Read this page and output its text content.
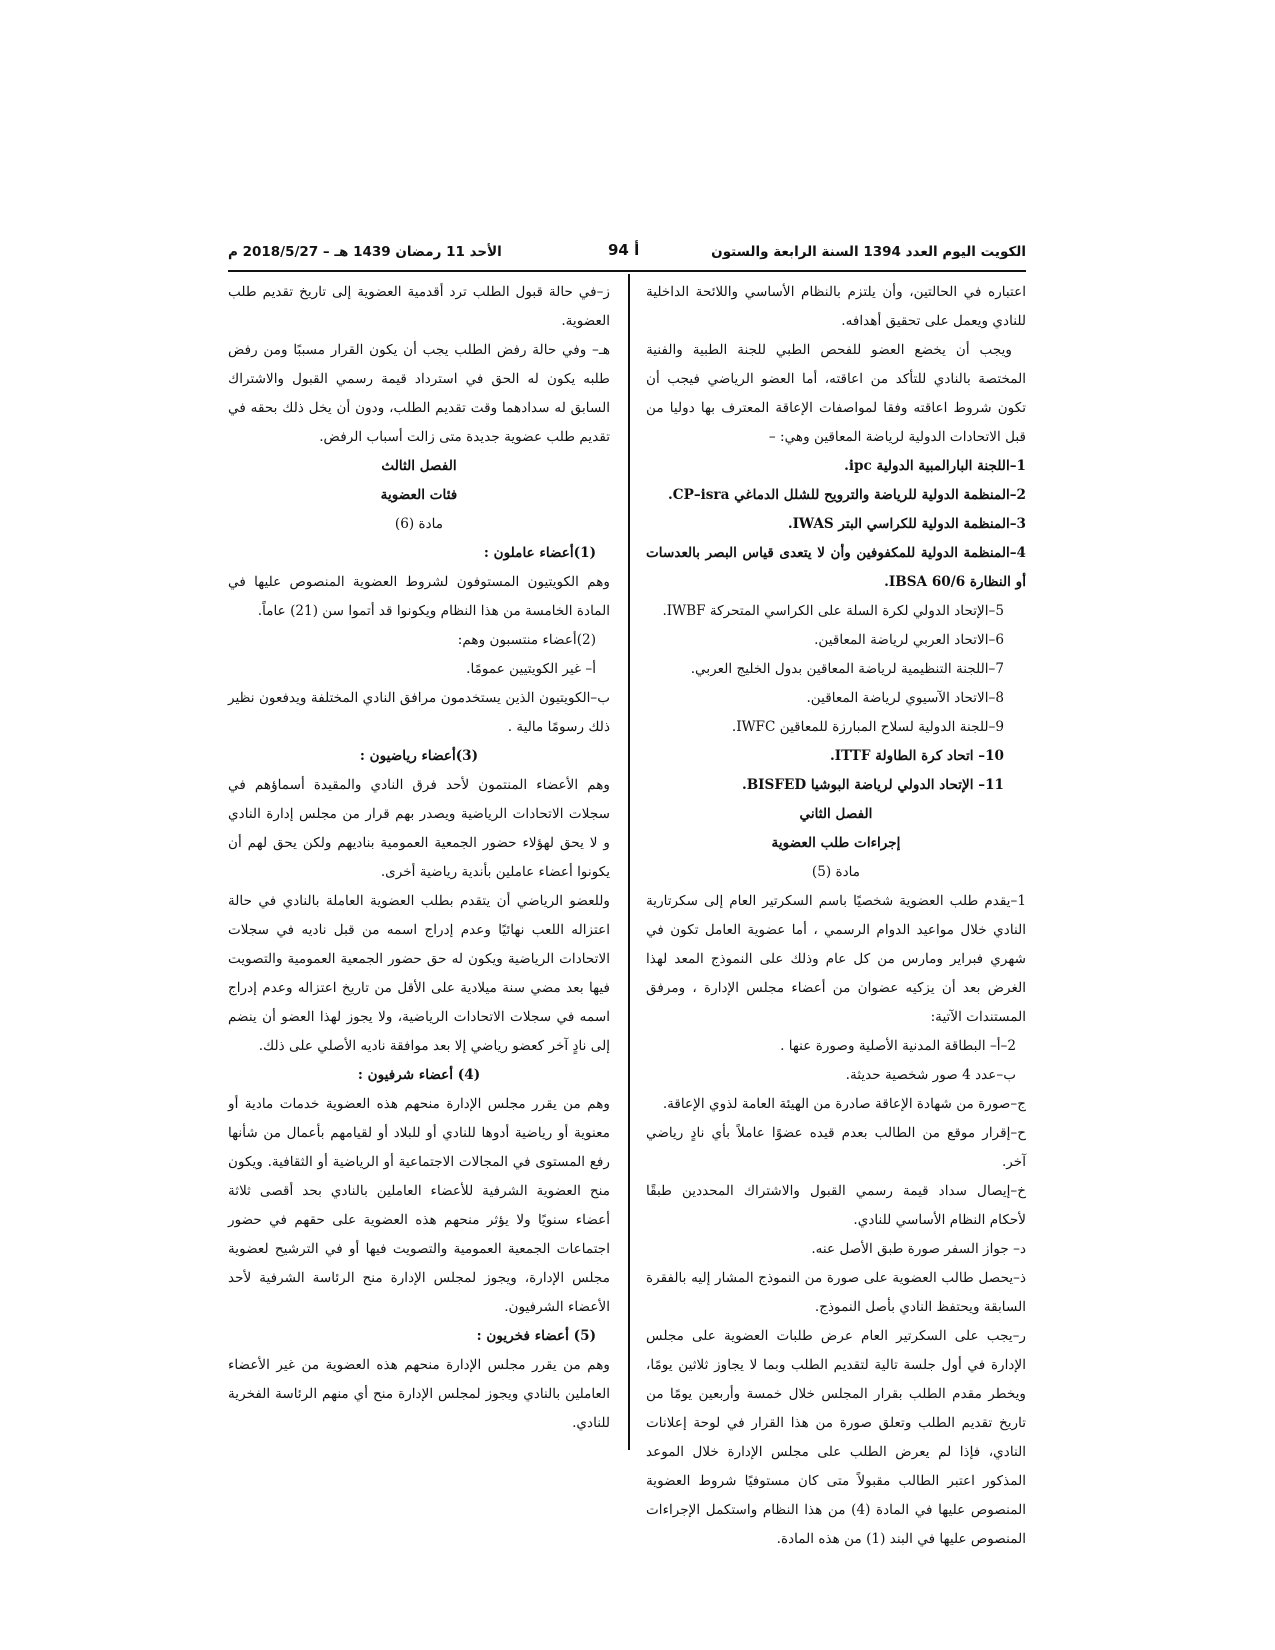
الكويت اليوم العدد 1394 السنة الرابعة والستون
أ 94
الأحد 11 رمضان 1439 هـ – 2018/5/27 م

اعتباره في الحالتين، وأن يلتزم بالنظام الأساسي واللائحة الداخلية للنادي ويعمل على تحقيق أهدافه.

ويجب أن يخضع العضو للفحص الطبي للجنة الطبية والفنية المختصة بالنادي للتأكد من اعاقته، أما العضو الرياضي فيجب أن تكون شروط اعاقته وفقا لمواصفات الإعاقة المعترف بها دوليا من قبل الاتحادات الدولية لرياضة المعاقين وهي: –

1–اللجنة البارالمبية الدولية ipc.

2–المنظمة الدولية للرياضة والترويح للشلل الدماغي CP–isra.

3–المنظمة الدولية للكراسي البتر IWAS.

4–المنظمة الدولية للمكفوفين وأن لا يتعدى قياس البصر بالعدسات أو النظارة IBSA 60/6.

5–الإتحاد الدولي لكرة السلة على الكراسي المتحركة IWBF.

6–الاتحاد العربي لرياضة المعاقين.

7–اللجنة التنظيمية لرياضة المعاقين بدول الخليج العربي.

8–الاتحاد الآسيوي لرياضة المعاقين.

9–للجنة الدولية لسلاح المبارزة للمعاقين IWFC.

10– اتحاد كرة الطاولة ITTF.

11– الإتحاد الدولي لرياضة البوشيا BISFED.

الفصل الثاني

إجراءات طلب العضوية

مادة (5)

1–يقدم طلب العضوية شخصيًا باسم السكرتير العام إلى سكرتارية النادي خلال مواعيد الدوام الرسمي ، أما عضوية العامل تكون في شهري فبراير ومارس من كل عام وذلك على النموذج المعد لهذا الغرض بعد أن يزكيه عضوان من أعضاء مجلس الإدارة ، ومرفق المستندات الآتية:

2–أ– البطاقة المدنية الأصلية وصورة عنها .

ب–عدد 4 صور شخصية حديثة.

ج–صورة من شهادة الإعاقة صادرة من الهيئة العامة لذوي الإعاقة.

ح–إقرار موقع من الطالب بعدم قيده عضوًا عاملاً بأي نادٍ رياضي آخر.

خ–إيصال سداد قيمة رسمي القبول والاشتراك المحددين طبقًا لأحكام النظام الأساسي للنادي.

د– جواز السفر صورة طبق الأصل عنه.

ذ–يحصل طالب العضوية على صورة من النموذج المشار إليه بالفقرة السابقة ويحتفظ النادي بأصل النموذج.

ر–يجب على السكرتير العام عرض طلبات العضوية على مجلس الإدارة في أول جلسة تالية لتقديم الطلب وبما لا يجاوز ثلاثين يومًا، ويخطر مقدم الطلب بقرار المجلس خلال خمسة وأربعين يومًا من تاريخ تقديم الطلب وتعلق صورة من هذا القرار في لوحة إعلانات النادي، فإذا لم يعرض الطلب على مجلس الإدارة خلال الموعد المذكور اعتبر الطالب مقبولاً متى كان مستوفيًا شروط العضوية المنصوص عليها في المادة (4) من هذا النظام واستكمل الإجراءات المنصوص عليها في البند (1) من هذه المادة.

ز–في حالة قبول الطلب ترد أقدمية العضوية إلى تاريخ تقديم طلب العضوية.

هـ– وفي حالة رفض الطلب يجب أن يكون القرار مسببًا ومن رفض طلبه يكون له الحق في استرداد قيمة رسمي القبول والاشتراك السابق له سدادهما وقت تقديم الطلب، ودون أن يخل ذلك بحقه في تقديم طلب عضوية جديدة متى زالت أسباب الرفض.

الفصل الثالث

فئات العضوية

مادة (6)

(1)أعضاء عاملون :

وهم الكويتيون المستوفون لشروط العضوية المنصوص عليها في المادة الخامسة من هذا النظام ويكونوا قد أتموا سن (21) عاماً.

(2)أعضاء منتسبون وهم:

أ– غير الكويتيين عمومًا.

ب–الكويتيون الذين يستخدمون مرافق النادي المختلفة ويدفعون نظير ذلك رسومًا مالية .

(3)أعضاء رياضيون :

وهم الأعضاء المنتمون لأحد فرق النادي والمقيدة أسماؤهم في سجلات الاتحادات الرياضية ويصدر بهم قرار من مجلس إدارة النادي و لا يحق لهؤلاء حضور الجمعية العمومية بناديهم ولكن يحق لهم أن يكونوا أعضاء عاملين بأندية رياضية أخرى.

وللعضو الرياضي أن يتقدم بطلب العضوية العاملة بالنادي في حالة اعتزاله اللعب نهائيًا وعدم إدراج اسمه من قبل ناديه في سجلات الاتحادات الرياضية ويكون له حق حضور الجمعية العمومية والتصويت فيها بعد مضي سنة ميلادية على الأقل من تاريخ اعتزاله وعدم إدراج اسمه في سجلات الاتحادات الرياضية، ولا يجوز لهذا العضو أن ينضم إلى نادٍ آخر كعضو رياضي إلا بعد موافقة ناديه الأصلي على ذلك.

(4) أعضاء شرفيون :

وهم من يقرر مجلس الإدارة منحهم هذه العضوية خدمات مادية أو معنوية أو رياضية أدوها للنادي أو للبلاد أو لقيامهم بأعمال من شأنها رفع المستوى في المجالات الاجتماعية أو الرياضية أو الثقافية. ويكون منح العضوية الشرفية للأعضاء العاملين بالنادي بحد أقصى ثلاثة أعضاء سنويًا ولا يؤثر منحهم هذه العضوية على حقهم في حضور اجتماعات الجمعية العمومية والتصويت فيها أو في الترشيح لعضوية مجلس الإدارة، ويجوز لمجلس الإدارة منح الرئاسة الشرفية لأحد الأعضاء الشرفيون.

(5) أعضاء فخريون :

وهم من يقرر مجلس الإدارة منحهم هذه العضوية من غير الأعضاء العاملين بالنادي ويجوز لمجلس الإدارة منح أي منهم الرئاسة الفخرية للنادي.
